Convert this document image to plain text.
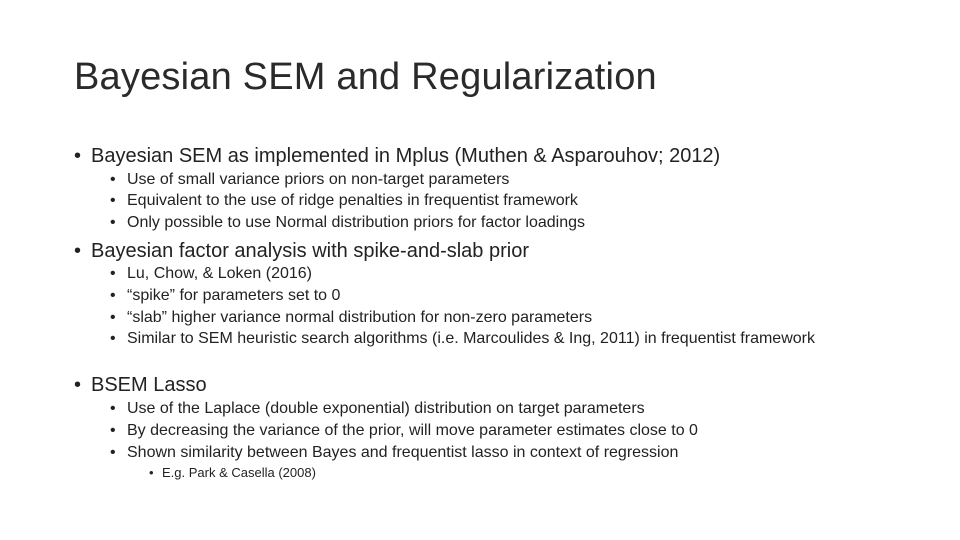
Bayesian SEM and Regularization
• Bayesian SEM as implemented in Mplus (Muthen & Asparouhov; 2012)
• Use of small variance priors on non-target parameters
• Equivalent to the use of ridge penalties in frequentist framework
• Only possible to use Normal distribution priors for factor loadings
• Bayesian factor analysis with spike-and-slab prior
• Lu, Chow, & Loken (2016)
• “spike” for parameters set to 0
• “slab” higher variance normal distribution for non-zero parameters
• Similar to SEM heuristic search algorithms (i.e. Marcoulides & Ing, 2011) in frequentist framework
• BSEM Lasso
• Use of the Laplace (double exponential) distribution on target parameters
• By decreasing the variance of the prior, will move parameter estimates close to 0
• Shown similarity between Bayes and frequentist lasso in context of regression
• E.g. Park & Casella (2008)
